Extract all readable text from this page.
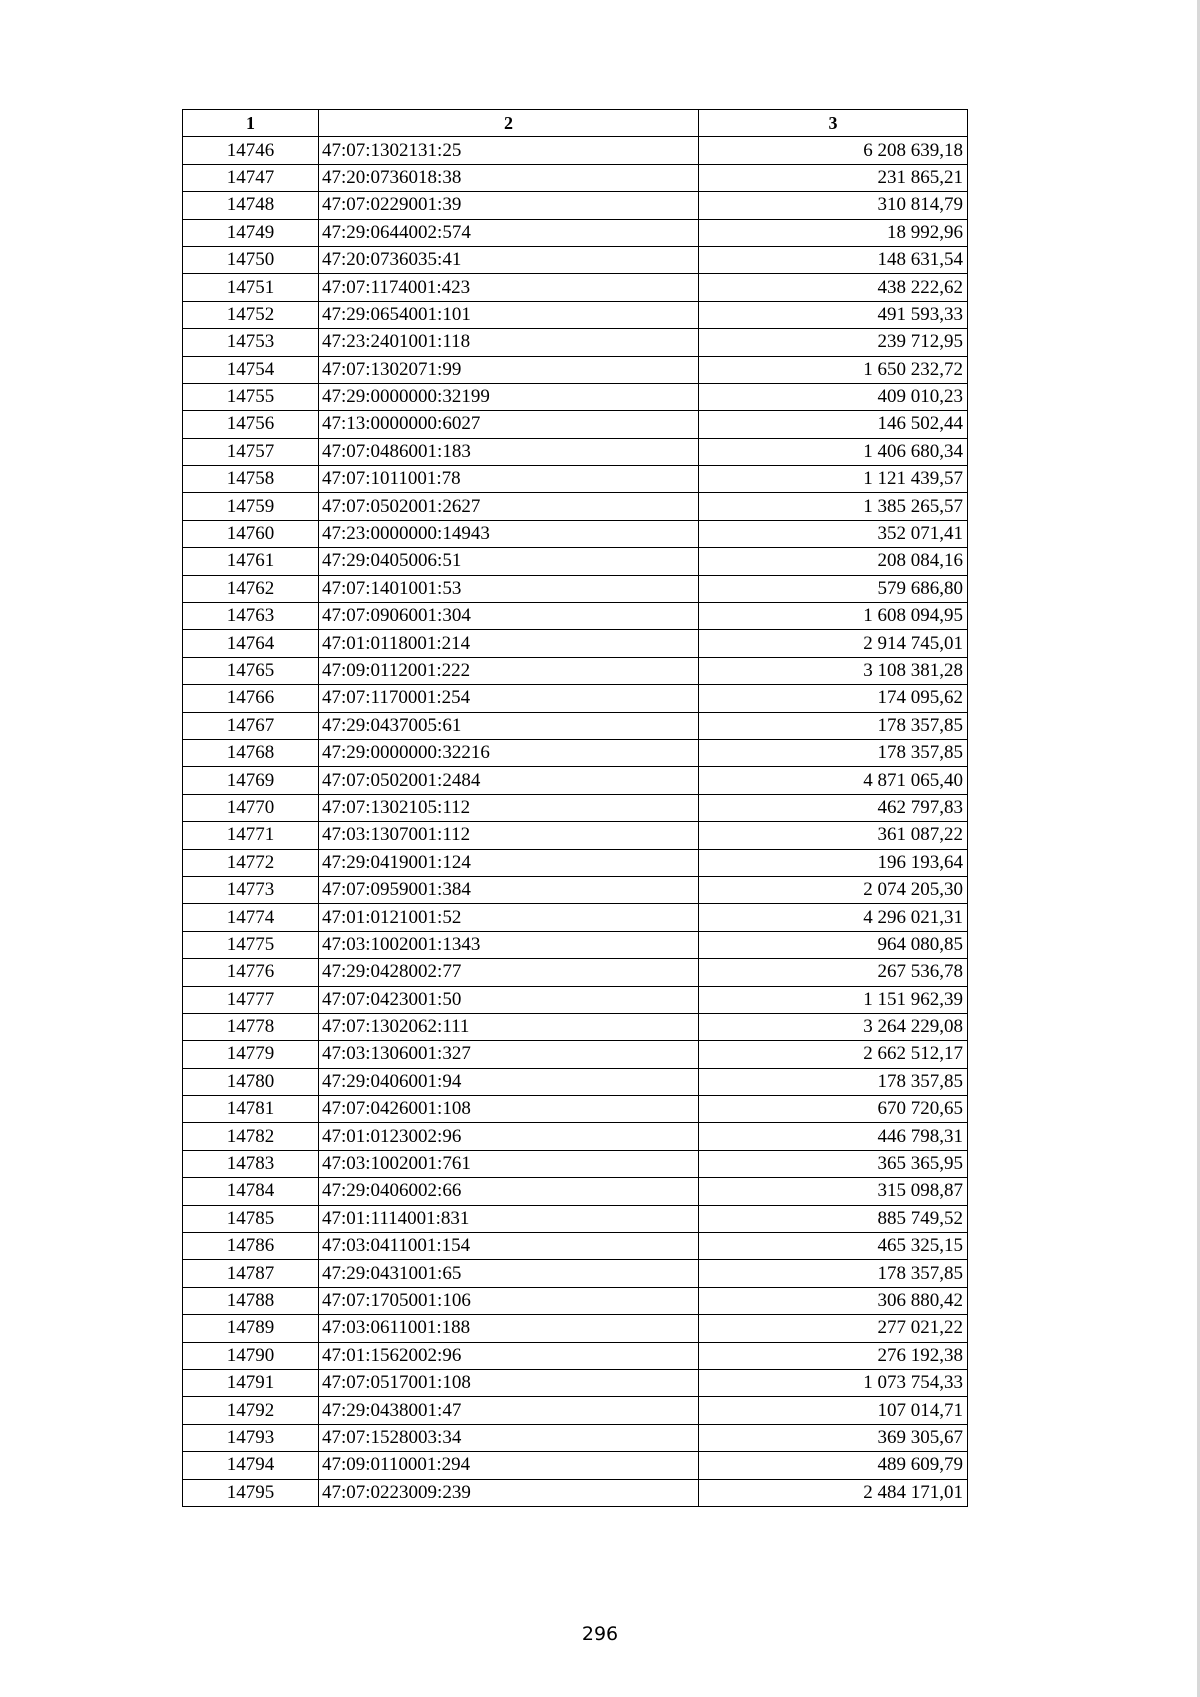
1	2	3
14746	47:07:1302131:25	6 208 639,18
14747	47:20:0736018:38	231 865,21
14748	47:07:0229001:39	310 814,79
14749	47:29:0644002:574	18 992,96
14750	47:20:0736035:41	148 631,54
14751	47:07:1174001:423	438 222,62
14752	47:29:0654001:101	491 593,33
14753	47:23:2401001:118	239 712,95
14754	47:07:1302071:99	1 650 232,72
14755	47:29:0000000:32199	409 010,23
14756	47:13:0000000:6027	146 502,44
14757	47:07:0486001:183	1 406 680,34
14758	47:07:1011001:78	1 121 439,57
14759	47:07:0502001:2627	1 385 265,57
14760	47:23:0000000:14943	352 071,41
14761	47:29:0405006:51	208 084,16
14762	47:07:1401001:53	579 686,80
14763	47:07:0906001:304	1 608 094,95
14764	47:01:0118001:214	2 914 745,01
14765	47:09:0112001:222	3 108 381,28
14766	47:07:1170001:254	174 095,62
14767	47:29:0437005:61	178 357,85
14768	47:29:0000000:32216	178 357,85
14769	47:07:0502001:2484	4 871 065,40
14770	47:07:1302105:112	462 797,83
14771	47:03:1307001:112	361 087,22
14772	47:29:0419001:124	196 193,64
14773	47:07:0959001:384	2 074 205,30
14774	47:01:0121001:52	4 296 021,31
14775	47:03:1002001:1343	964 080,85
14776	47:29:0428002:77	267 536,78
14777	47:07:0423001:50	1 151 962,39
14778	47:07:1302062:111	3 264 229,08
14779	47:03:1306001:327	2 662 512,17
14780	47:29:0406001:94	178 357,85
14781	47:07:0426001:108	670 720,65
14782	47:01:0123002:96	446 798,31
14783	47:03:1002001:761	365 365,95
14784	47:29:0406002:66	315 098,87
14785	47:01:1114001:831	885 749,52
14786	47:03:0411001:154	465 325,15
14787	47:29:0431001:65	178 357,85
14788	47:07:1705001:106	306 880,42
14789	47:03:0611001:188	277 021,22
14790	47:01:1562002:96	276 192,38
14791	47:07:0517001:108	1 073 754,33
14792	47:29:0438001:47	107 014,71
14793	47:07:1528003:34	369 305,67
14794	47:09:0110001:294	489 609,79
14795	47:07:0223009:239	2 484 171,01
296
